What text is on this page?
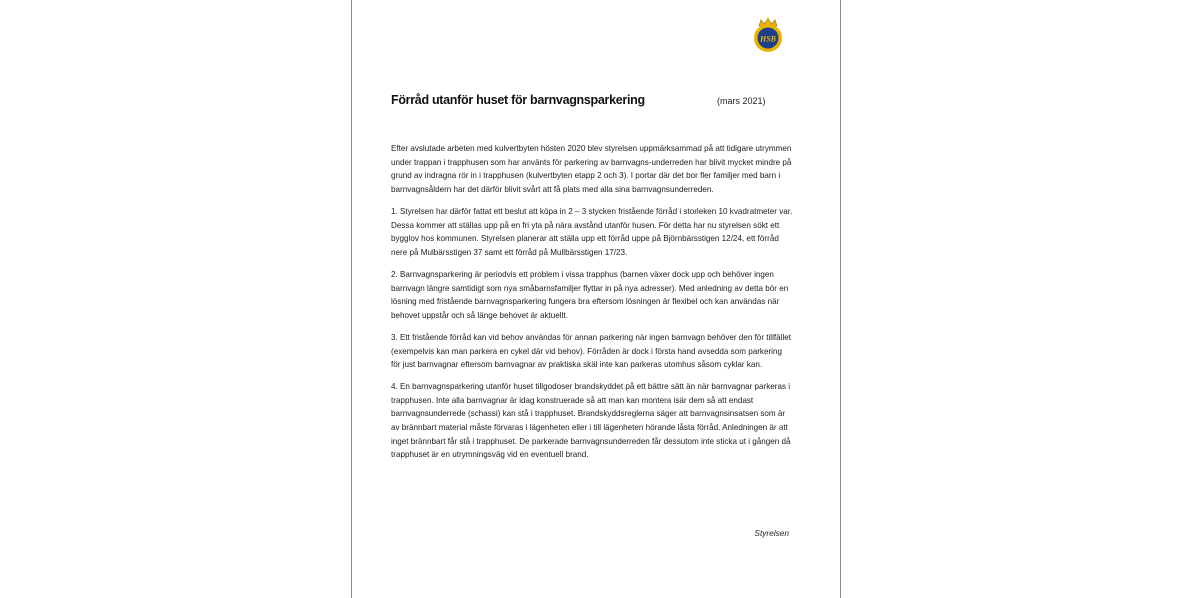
HSB
Förråd utanför huset för barnvagnsparkering	(mars 2021)

Efter avslutade arbeten med kulvertbyten hösten 2020 blev styrelsen uppmärksammad på att tidigare utrymmen under trappan i trapphusen som har använts för parkering av barnvagns-underreden har blivit mycket mindre på grund av indragna rör in i trapphusen (kulvertbyten etapp 2 och 3). I portar där det bor fler familjer med barn i barnvagnsåldern har det därför blivit svårt att få plats med alla sina barnvagnsunderreden.

1. Styrelsen har därför fattat ett beslut att köpa in 2 – 3 stycken fristående förråd i storleken 10 kvadratmeter var. Dessa kommer att ställas upp på en fri yta på nära avstånd utanför husen. För detta har nu styrelsen sökt ett bygglov hos kommunen. Styrelsen planerar att ställa upp ett förråd uppe på Björnbärsstigen 12/24, ett förråd nere på Mulbärsstigen 37 samt ett förråd på Mullbärsstigen 17/23.

2. Barnvagnsparkering är periodvis ett problem i vissa trapphus (barnen växer dock upp och behöver ingen barnvagn längre samtidigt som nya småbarnsfamiljer flyttar in på nya adresser). Med anledning av detta bör en lösning med fristående barnvagnsparkering fungera bra eftersom lösningen är flexibel och kan användas när behovet uppstår och så länge behovet är aktuellt.

3. Ett fristående förråd kan vid behov användas för annan parkering när ingen barnvagn behöver den för tillfället (exempelvis kan man parkera en cykel där vid behov). Förråden är dock i första hand avsedda som parkering för just barnvagnar eftersom barnvagnar av praktiska skäl inte kan parkeras utomhus såsom cyklar kan.

4. En barnvagnsparkering utanför huset tillgodoser brandskyddet på ett bättre sätt än när barnvagnar parkeras i trapphusen. Inte alla barnvagnar är idag konstruerade så att man kan montera isär dem så att endast barnvagnsunderrede (schassi) kan stå i trapphuset. Brandskyddsreglerna säger att barnvagnsinsatsen som är av brännbart material måste förvaras i lägenheten eller i till lägenheten hörande låsta förråd. Anledningen är att inget brännbart får stå i trapphuset. De parkerade barnvagnsunderreden får dessutom inte sticka ut i gången då trapphuset är en utrymningsväg vid en eventuell brand.

Styrelsen
